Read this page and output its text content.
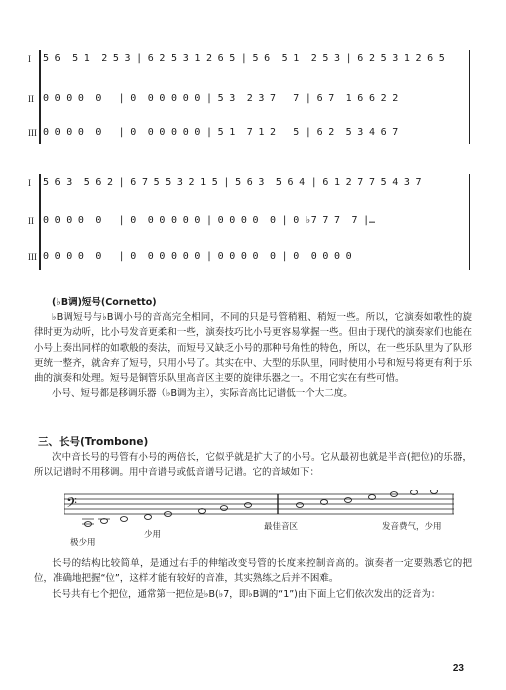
I	5 6  5 1  2 5 3 | 6 2 5 3 1 2 6 5 | 5 6  5 1  2 5 3 | 6 2 5 3 1 2 6 5
II 0 0 0 0  0   | 0  0 0 0 0 0 | 5 3  2 3 7   7 | 6 7  1 6 6 2 2
III 0 0 0 0  0   | 0  0 0 0 0 0 | 5 1  7 1 2   5 | 6 2  5 3 4 6 7
I	5 6 3  5 6 2 | 6 7 5 5 3 2 1 5 | 5 6 3  5 6 4 | 6 1 2 7 7 5 4 3 7
II 0 0 0 0  0   | 0  0 0 0 0 0 | 0 0 0 0  0 | 0 ♭7 7 7  7 |…
III 0 0 0 0  0   | 0  0 0 0 0 0 | 0 0 0 0  0 | 0  0 0 0 0
(♭B调)短号(Cornetto)

♭B调短号与♭B调小号的音高完全相同，不同的只是号管稍粗、稍短一些。所以，它演奏如歌性的旋律时更为动听，比小号发音更柔和一些，演奏技巧比小号更容易掌握一些。但由于现代的演奏家们也能在小号上奏出同样的如歌般的奏法，而短号又缺乏小号的那种号角性的特色，所以，在一些乐队里为了队形更统一整齐，就舍弃了短号，只用小号了。其实在中、大型的乐队里，同时使用小号和短号将更有利于乐曲的演奏和处理。短号是铜管乐队里高音区主要的旋律乐器之一。不用它实在有些可惜。

小号、短号都是移调乐器（♭B调为主），实际音高比记谱低一个大二度。

三、长号(Trombone)

次中音长号的号管有小号的两倍长，它似乎就是扩大了的小号。它从最初也就是半音(把位)的乐器，所以记谱时不用移调。用中音谱号或低音谱号记谱。它的音域如下：

𝄢
极少用
少用
最佳音区	发音费气，少用

长号的结构比较简单，是通过右手的伸缩改变号管的长度来控制音高的。演奏者一定要熟悉它的把位，准确地把握“位”，这样才能有较好的音准，其实熟练之后并不困难。

长号共有七个把位，通常第一把位是♭B(♭7，即♭B调的“1”)由下面上它们依次发出的泛音为：

23
